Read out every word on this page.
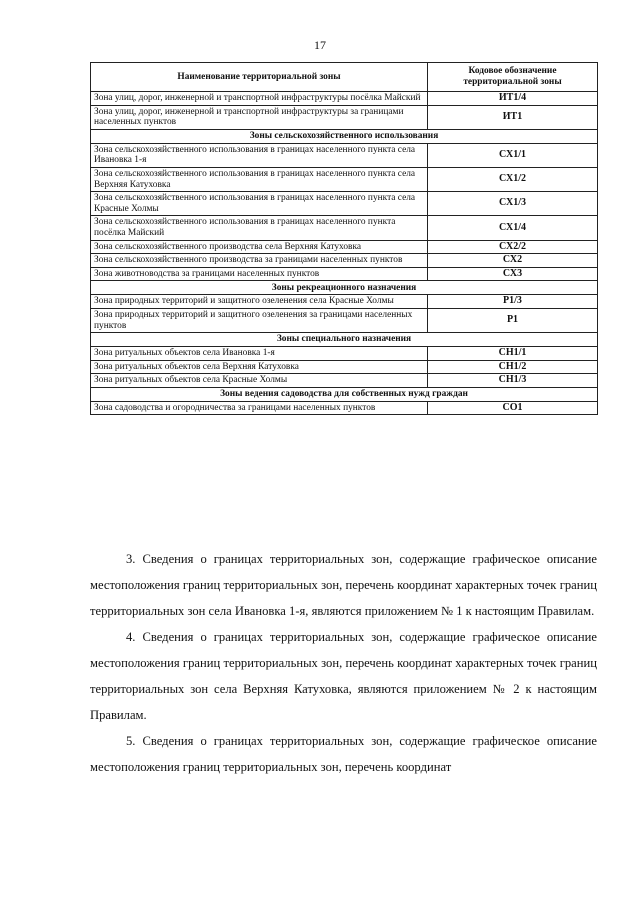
17
Наименование территориальной зоны	Кодовое обозначение территориальной зоны
Зона улиц, дорог, инженерной и транспортной инфраструктуры посёлка Майский	ИТ1/4
Зона улиц, дорог, инженерной и транспортной инфраструктуры за границами населенных пунктов	ИТ1
Зоны сельскохозяйственного использования	
Зона сельскохозяйственного использования в границах населенного пункта села Ивановка 1-я	СХ1/1
Зона сельскохозяйственного использования в границах населенного пункта села Верхняя Катуховка	СХ1/2
Зона сельскохозяйственного использования в границах населенного пункта села Красные Холмы	СХ1/3
Зона сельскохозяйственного использования в границах населенного пункта посёлка Майский	СХ1/4
Зона сельскохозяйственного производства села Верхняя Катуховка	СХ2/2
Зона сельскохозяйственного производства за границами населенных пунктов	СХ2
Зона животноводства за границами населенных пунктов	СХ3
Зоны рекреационного назначения	
Зона природных территорий и защитного озеленения села Красные Холмы	Р1/3
Зона природных территорий и защитного озеленения за границами населенных пунктов	Р1
Зоны специального назначения	
Зона ритуальных объектов села Ивановка 1-я	СН1/1
Зона ритуальных объектов села Верхняя Катуховка	СН1/2
Зона ритуальных объектов села Красные Холмы	СН1/3
Зоны ведения садоводства для собственных нужд граждан	
Зона садоводства и огородничества за границами населенных пунктов	СО1

3. Сведения о границах территориальных зон, содержащие графическое описание местоположения границ территориальных зон, перечень координат характерных точек границ территориальных зон села Ивановка 1-я, являются приложением № 1 к настоящим Правилам.

4. Сведения о границах территориальных зон, содержащие графическое описание местоположения границ территориальных зон, перечень координат характерных точек границ территориальных зон села Верхняя Катуховка, являются приложением № 2 к настоящим Правилам.

5. Сведения о границах территориальных зон, содержащие графическое описание местоположения границ территориальных зон, перечень координат
